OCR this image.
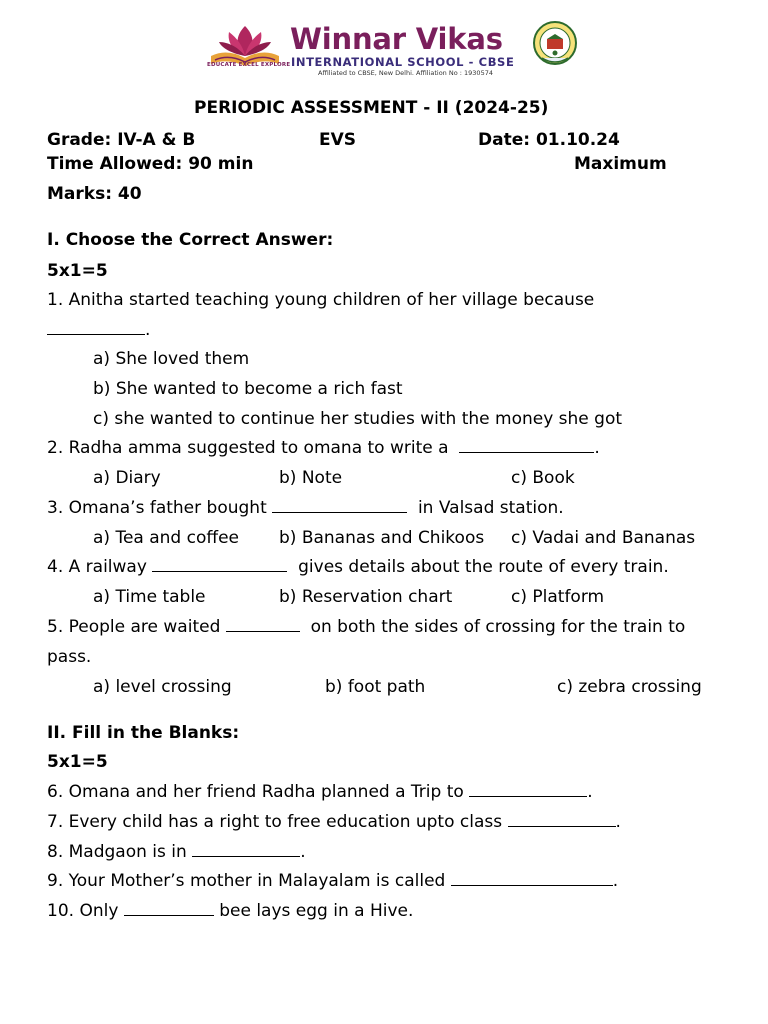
EDUCATE EXCEL EXPLORE
Winnar Vikas
INTERNATIONAL SCHOOL - CBSE
Affiliated to CBSE, New Delhi. Affiliation No : 1930574
PERIODIC ASSESSMENT - II (2024-25)
Grade: IV-A & B	EVS	Date: 01.10.24
Time Allowed: 90 min	Maximum
Marks: 40
I. Choose the Correct Answer:
5x1=5
1. Anitha started teaching young children of her village because
.
a) She loved them
b) She wanted to become a rich fast
c) she wanted to continue her studies with the money she got
2. Radha amma suggested to omana to write a	.
a) Diary	b) Note	c) Book
3. Omana’s father bought	in Valsad station.
a) Tea and coffee b) Bananas and Chikoos c) Vadai and Bananas
4. A railway	gives details about the route of every train.
a) Time table	b) Reservation chart	c) Platform
5. People are waited	on both the sides of crossing for the train to
pass.
a) level crossing	b) foot path	c) zebra crossing
II. Fill in the Blanks:
5x1=5
6. Omana and her friend Radha planned a Trip to	.
7. Every child has a right to free education upto class	.
8. Madgaon is in	.
9. Your Mother’s mother in Malayalam is called	.
10. Only	bee lays egg in a Hive.
